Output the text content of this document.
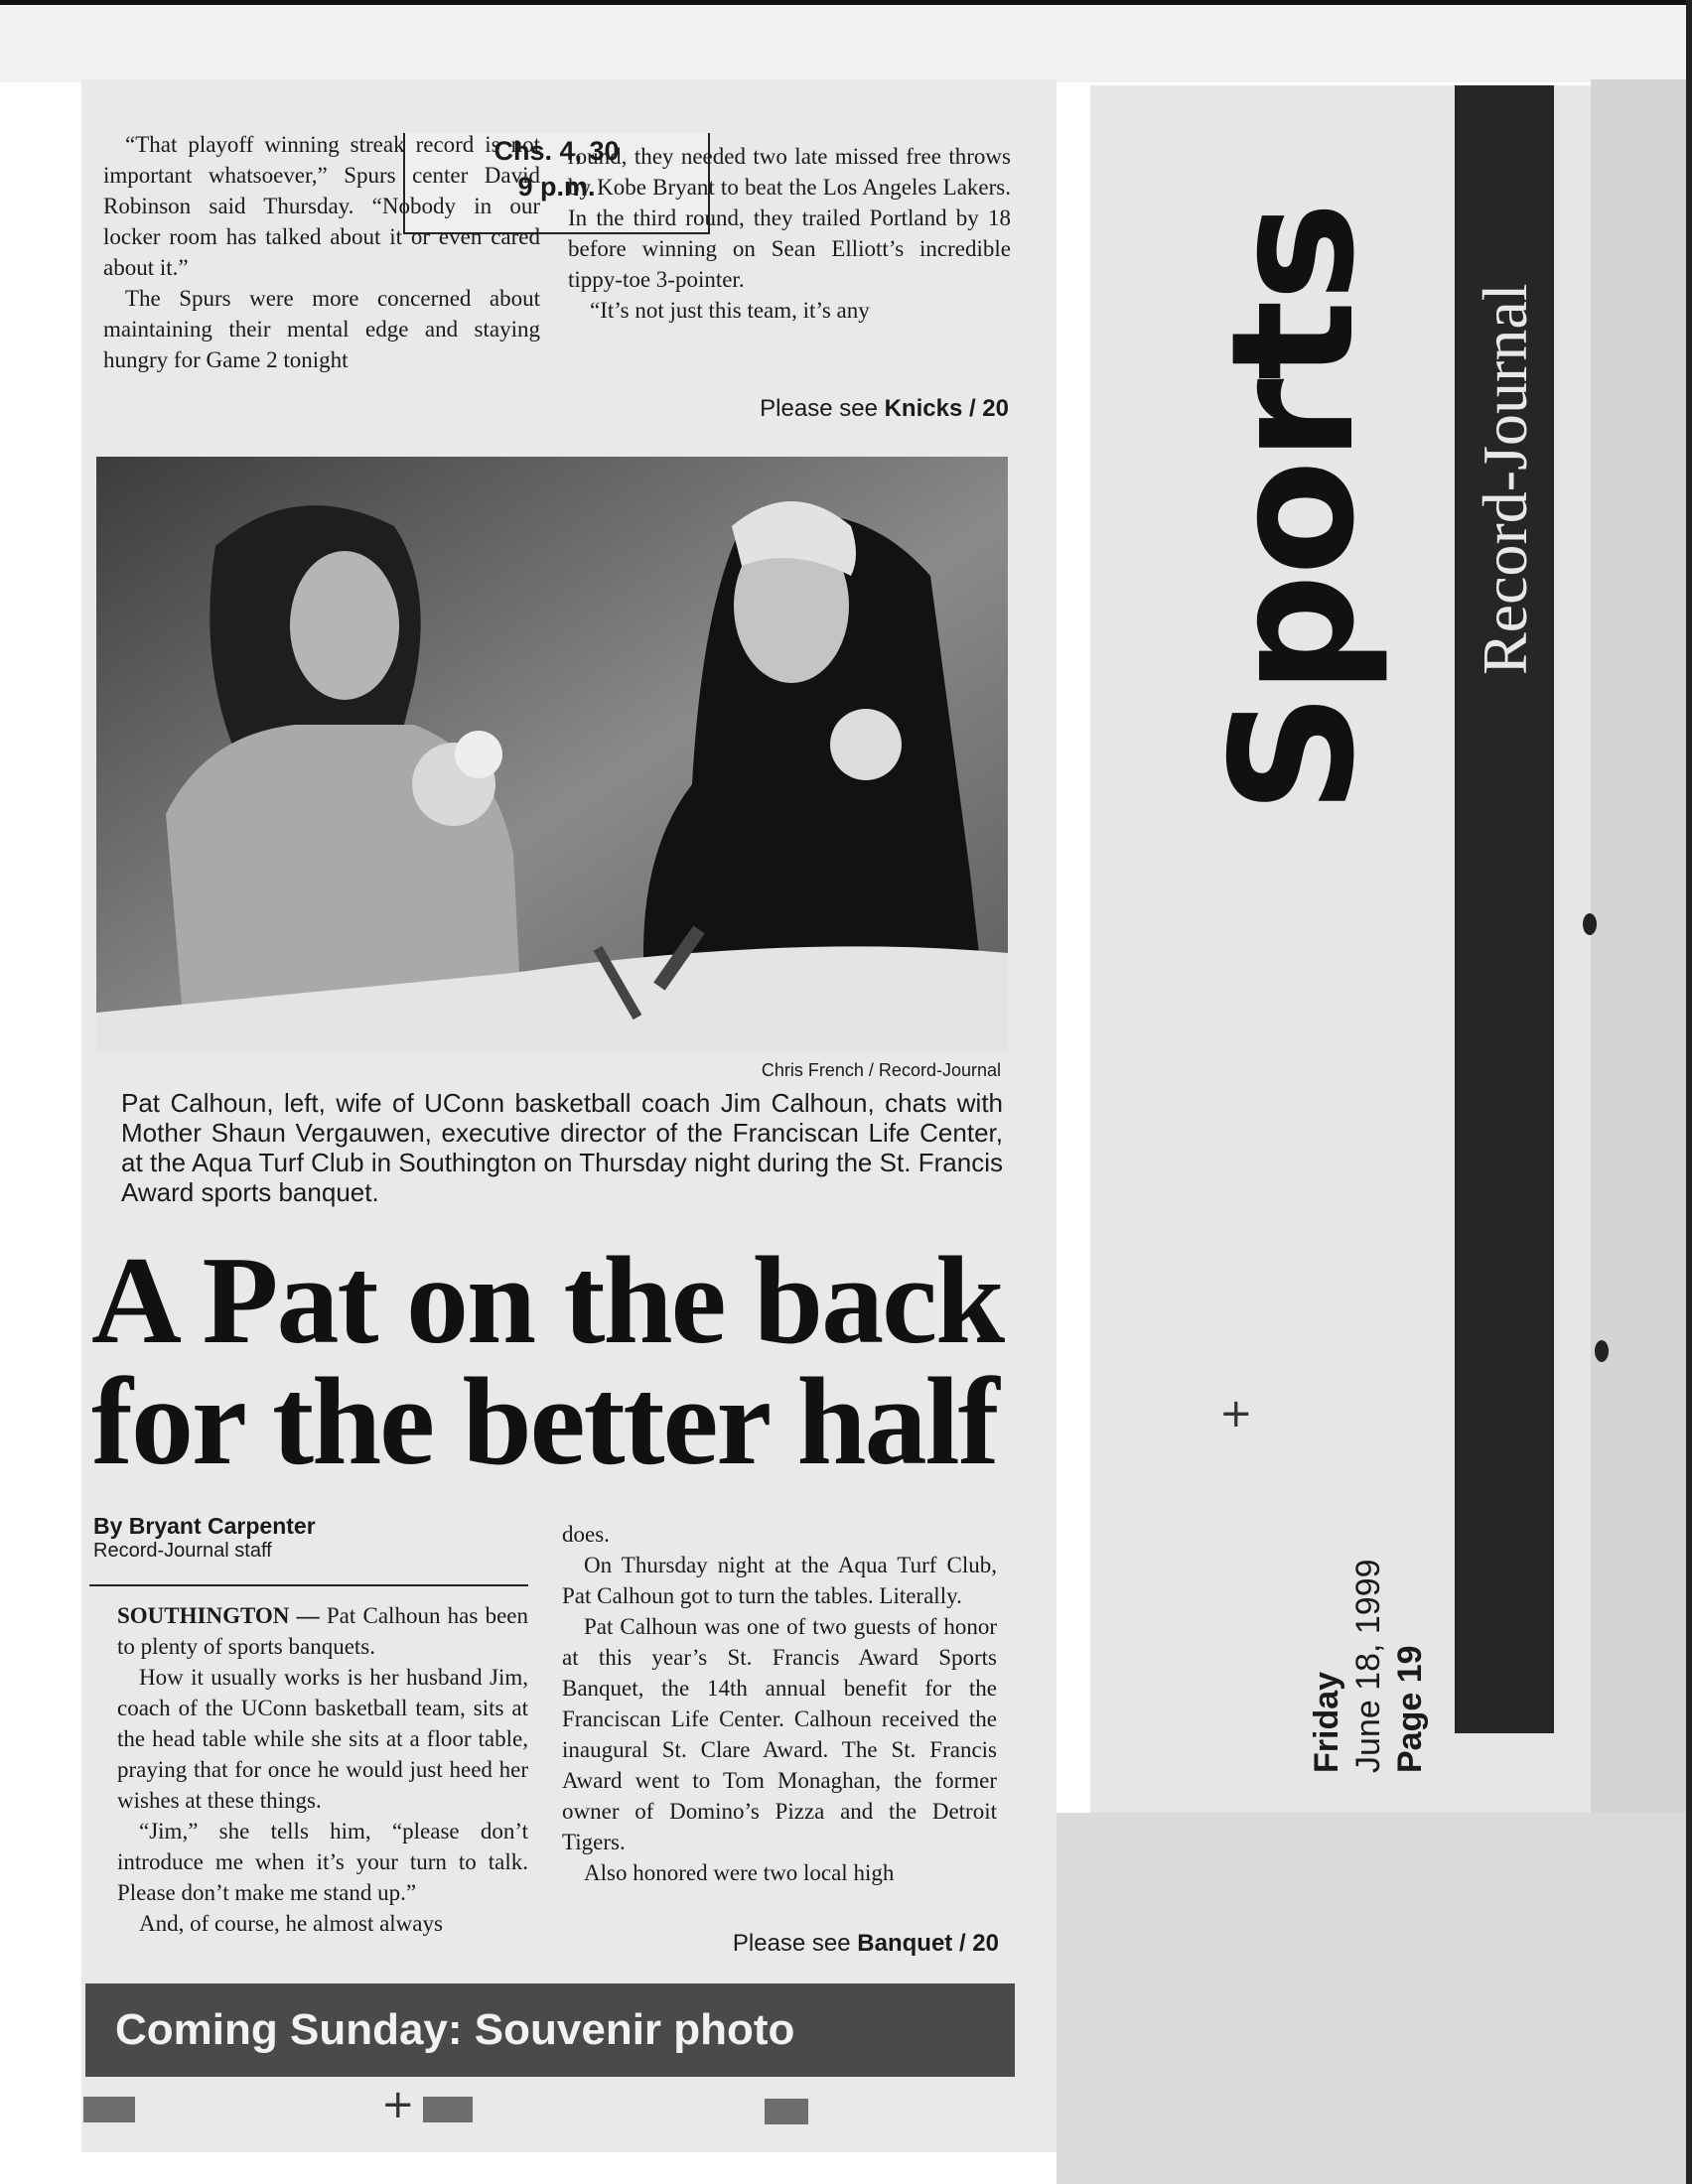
Chs. 4, 30
9 p.m.

“That playoff winning streak record is not important whatsoever,” Spurs center David Robinson said Thursday. “Nobody in our locker room has talked about it or even cared about it.”

The Spurs were more concerned about maintaining their mental edge and staying hungry for Game 2 tonight

round, they needed two late missed free throws by Kobe Bryant to beat the Los Angeles Lakers. In the third round, they trailed Portland by 18 before winning on Sean Elliott’s incredible tippy-toe 3-pointer.

“It’s not just this team, it’s any

Please see Knicks / 20
Chris French / Record-Journal
Pat Calhoun, left, wife of UConn basketball coach Jim Calhoun, chats with Mother Shaun Vergauwen, executive director of the Franciscan Life Center, at the Aqua Turf Club in Southington on Thursday night during the St. Francis Award sports banquet.
A Pat on the back
for the better half
By Bryant Carpenter
Record-Journal staff

SOUTHINGTON — Pat Calhoun has been to plenty of sports banquets.

How it usually works is her husband Jim, coach of the UConn basketball team, sits at the head table while she sits at a floor table, praying that for once he would just heed her wishes at these things.

“Jim,” she tells him, “please don’t introduce me when it’s your turn to talk. Please don’t make me stand up.”

And, of course, he almost always

does.

On Thursday night at the Aqua Turf Club, Pat Calhoun got to turn the tables. Literally.

Pat Calhoun was one of two guests of honor at this year’s St. Francis Award Sports Banquet, the 14th annual benefit for the Franciscan Life Center. Calhoun received the inaugural St. Clare Award. The St. Francis Award went to Tom Monaghan, the former owner of Domino’s Pizza and the Detroit Tigers.

Also honored were two local high

Please see Banquet / 20
Coming Sunday: Souvenir photo
+
+
Sports Record-Journal
Friday June 18, 1999 Page 19
